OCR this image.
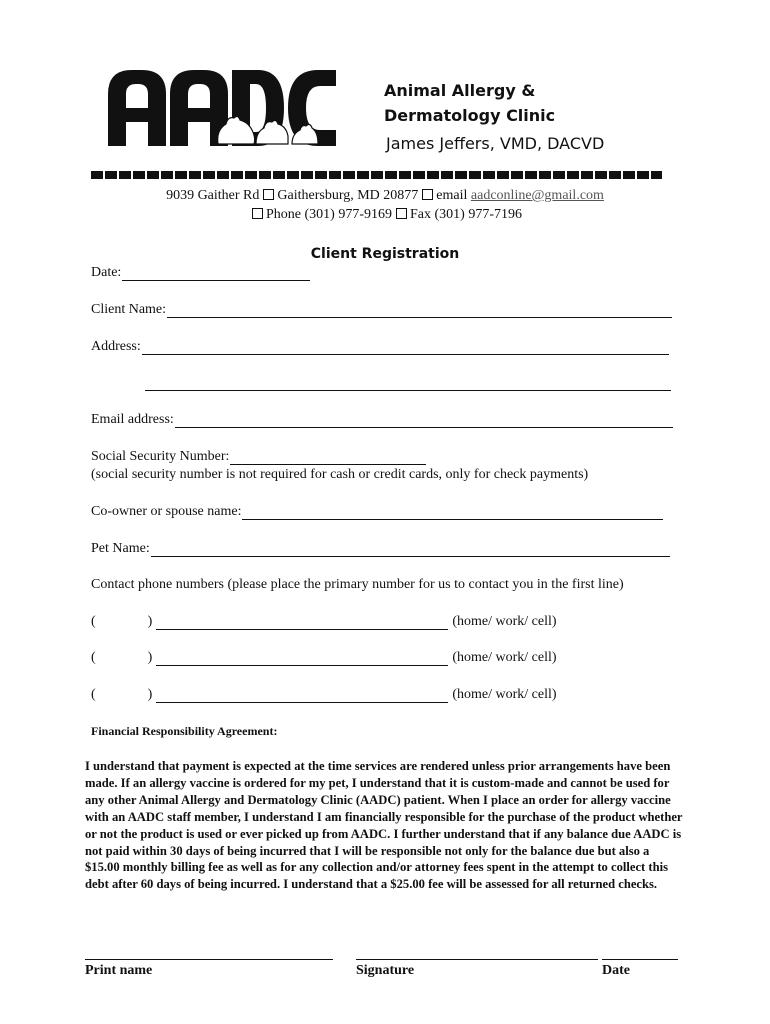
Animal Allergy &
Dermatology Clinic
James Jeffers, VMD, DACVD
9039 Gaither Rd Gaithersburg, MD 20877 email aadconline@gmail.com
Phone (301) 977-9169 Fax (301) 977-7196
Client Registration
Date:
Client Name:
Address:
Email address:
Social Security Number:
(social security number is not required for cash or credit cards, only for check payments)
Co-owner or spouse name:
Pet Name:
Contact phone numbers (please place the primary number for us to contact you in the first line)
(	)	(home/ work/ cell)
(	)	(home/ work/ cell)
(	)	(home/ work/ cell)
Financial Responsibility Agreement:
I understand that payment is expected at the time services are rendered unless prior arrangements have been made. If an allergy vaccine is ordered for my pet, I understand that it is custom-made and cannot be used for any other Animal Allergy and Dermatology Clinic (AADC) patient. When I place an order for allergy vaccine with an AADC staff member, I understand I am financially responsible for the purchase of the product whether or not the product is used or ever picked up from AADC. I further understand that if any balance due AADC is not paid within 30 days of being incurred that I will be responsible not only for the balance due but also a $15.00 monthly billing fee as well as for any collection and/or attorney fees spent in the attempt to collect this debt after 60 days of being incurred. I understand that a $25.00 fee will be assessed for all returned checks.
Print name	Signature	Date
